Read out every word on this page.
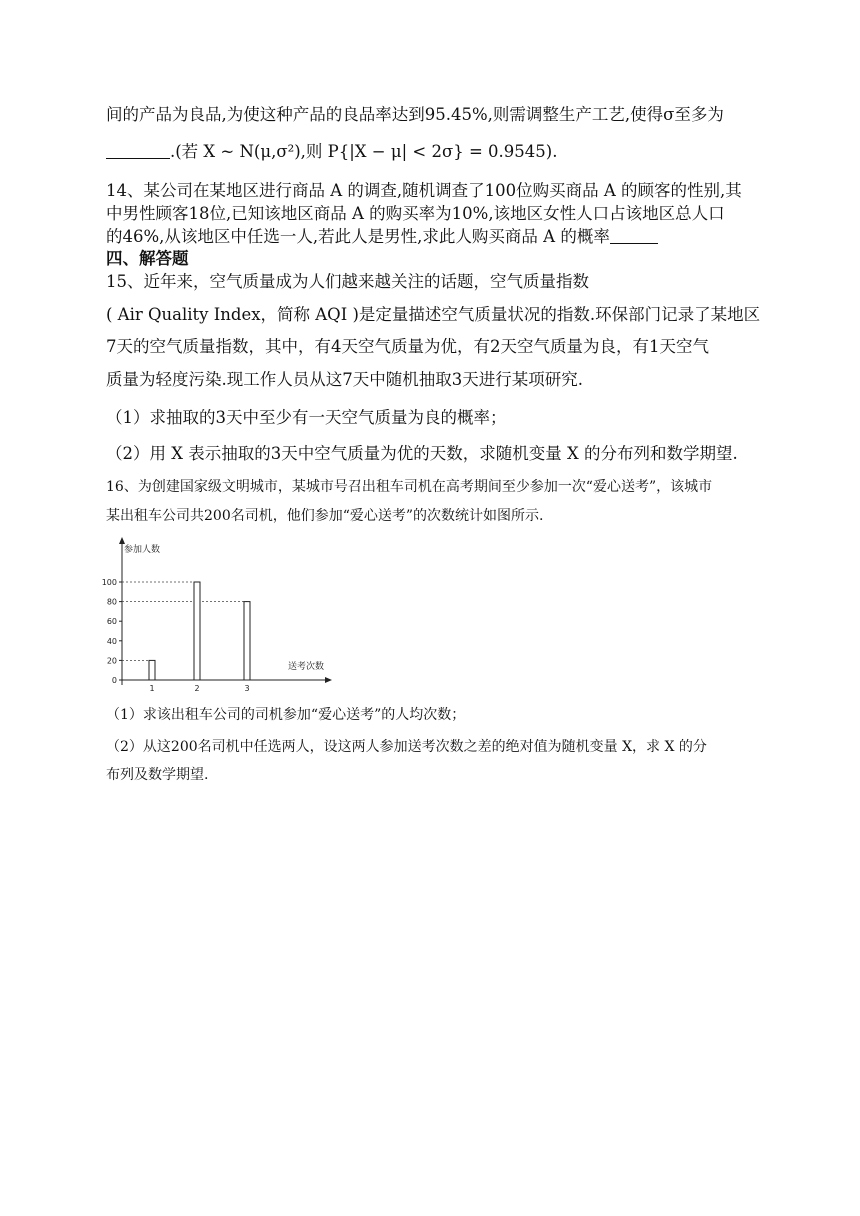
间的产品为良品,为使这种产品的良品率达到95.45%,则需调整生产工艺,使得σ至多为
.(若 X ~ N(μ,σ²),则 P{|X − μ| < 2σ} = 0.9545).
14、某公司在某地区进行商品 A 的调查,随机调查了100位购买商品 A 的顾客的性别,其
中男性顾客18位,已知该地区商品 A 的购买率为10%,该地区女性人口占该地区总人口
的46%,从该地区中任选一人,若此人是男性,求此人购买商品 A 的概率
四、解答题
15、近年来，空气质量成为人们越来越关注的话题，空气质量指数
( Air Quality Index，简称 AQI )是定量描述空气质量状况的指数.环保部门记录了某地区
7天的空气质量指数，其中，有4天空气质量为优，有2天空气质量为良，有1天空气
质量为轻度污染.现工作人员从这7天中随机抽取3天进行某项研究.
（1）求抽取的3天中至少有一天空气质量为良的概率；
（2）用 X 表示抽取的3天中空气质量为优的天数，求随机变量 X 的分布列和数学期望.
16、为创建国家级文明城市，某城市号召出租车司机在高考期间至少参加一次“爱心送考”，该城市
某出租车公司共200名司机，他们参加“爱心送考”的次数统计如图所示.
参加人数
送考次数
0
20
40
60
80
100
1	2	3
（1）求该出租车公司的司机参加“爱心送考”的人均次数；
（2）从这200名司机中任选两人，设这两人参加送考次数之差的绝对值为随机变量 X，求 X 的分
布列及数学期望.
